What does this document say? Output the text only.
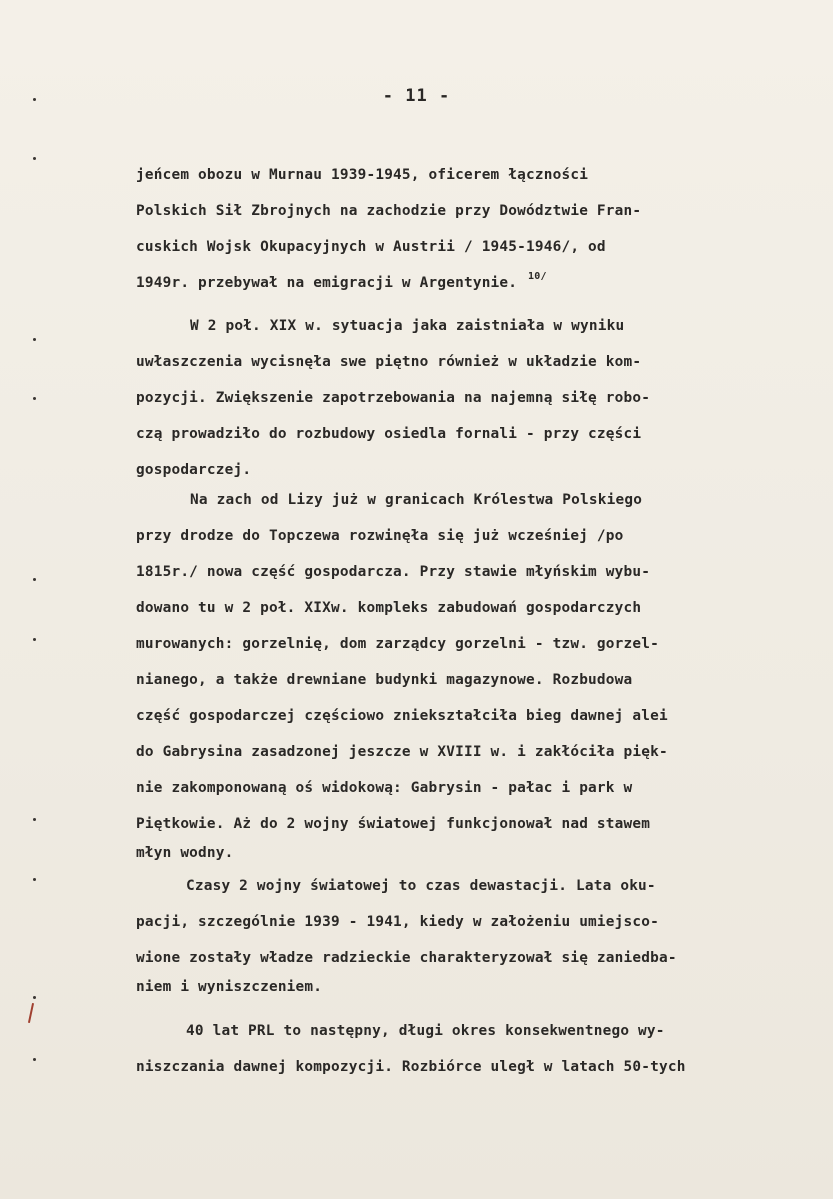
- 11 -
jeńcem obozu w Murnau 1939-1945, oficerem łączności
Polskich Sił Zbrojnych na zachodzie przy Dowództwie Fran-
cuskich Wojsk Okupacyjnych w Austrii / 1945-1946/, od
1949r. przebywał na emigracji w Argentynie. $^{10/}$
W 2 poł. XIX w. sytuacja jaka zaistniała w wyniku
uwłaszczenia wycisnęła swe piętno również w układzie kom-
pozycji. Zwiększenie zapotrzebowania na najemną siłę robo-
czą prowadziło do rozbudowy osiedla fornali - przy części
gospodarczej.
Na zach od Lizy już w granicach Królestwa Polskiego
przy drodze do Topczewa rozwinęła się już wcześniej /po
1815r./ nowa część gospodarcza. Przy stawie młyńskim wybu-
dowano tu w 2 poł. XIXw. kompleks zabudowań gospodarczych
murowanych: gorzelnię, dom zarządcy gorzelni - tzw. gorzel-
nianego, a także drewniane budynki magazynowe. Rozbudowa
część gospodarczej częściowo zniekształciła bieg dawnej alei
do Gabrysina zasadzonej jeszcze w XVIII w. i zakłóciła pięk-
nie zakomponowaną oś widokową: Gabrysin - pałac i park w
Piętkowie. Aż do 2 wojny światowej funkcjonował nad stawem
młyn wodny.
Czasy 2 wojny światowej to czas dewastacji. Lata oku-
pacji, szczególnie 1939 - 1941, kiedy w założeniu umiejsco-
wione zostały władze radzieckie charakteryzował się zaniedba-
niem i wyniszczeniem.
40 lat PRL to następny, długi okres konsekwentnego wy-
niszczania dawnej kompozycji. Rozbiórce uległ w latach 50-tych
